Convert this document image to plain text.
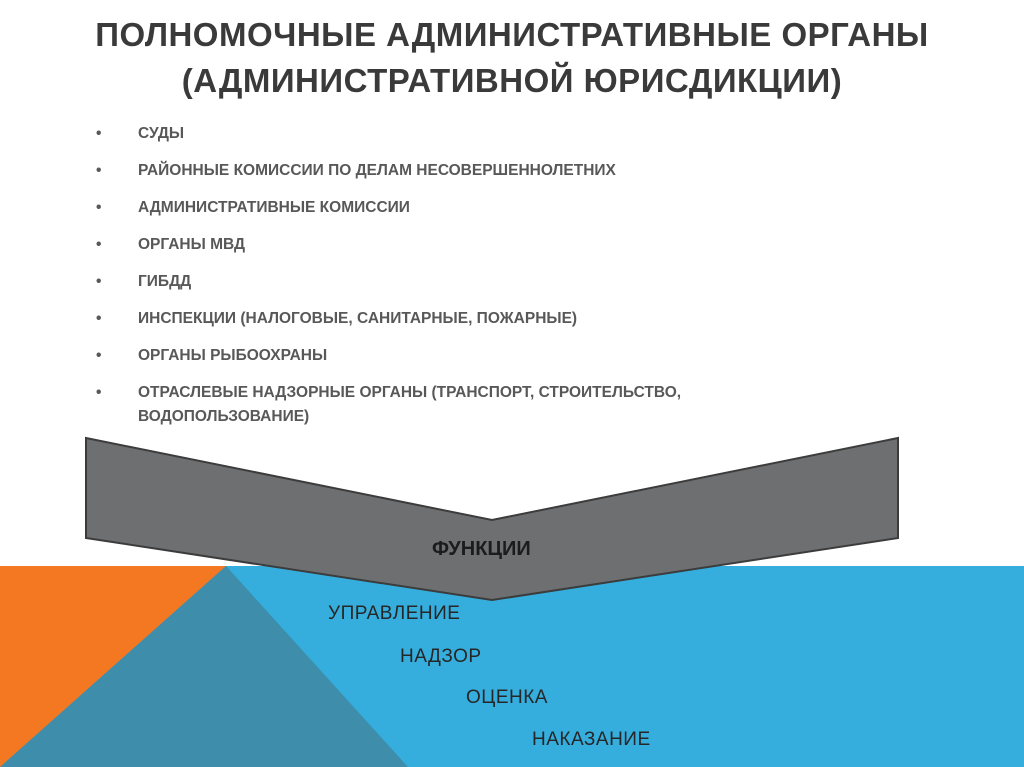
ПОЛНОМОЧНЫЕ АДМИНИСТРАТИВНЫЕ ОРГАНЫ
(АДМИНИСТРАТИВНОЙ ЮРИСДИКЦИИ)
• СУДЫ
• РАЙОННЫЕ КОМИССИИ ПО ДЕЛАМ НЕСОВЕРШЕННОЛЕТНИХ
• АДМИНИСТРАТИВНЫЕ КОМИССИИ
• ОРГАНЫ МВД
• ГИБДД
• ИНСПЕКЦИИ (НАЛОГОВЫЕ, САНИТАРНЫЕ, ПОЖАРНЫЕ)
• ОРГАНЫ РЫБООХРАНЫ
• ОТРАСЛЕВЫЕ НАДЗОРНЫЕ ОРГАНЫ (ТРАНСПОРТ, СТРОИТЕЛЬСТВО, ВОДОПОЛЬЗОВАНИЕ)
ФУНКЦИИ
УПРАВЛЕНИЕ
НАДЗОР
ОЦЕНКА
НАКАЗАНИЕ
